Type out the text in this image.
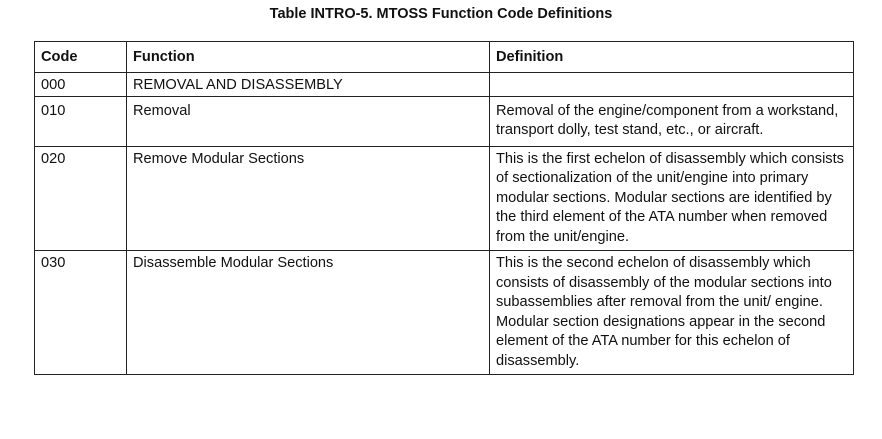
Table INTRO-5. MTOSS Function Code Definitions
Code	Function	Definition
000	REMOVAL AND DISASSEMBLY	
010	Removal	Removal of the engine/component from a workstand, transport dolly, test stand, etc., or aircraft.
020	Remove Modular Sections	This is the first echelon of disassembly which consists of sectionalization of the unit/engine into primary modular sections. Modular sections are identified by the third element of the ATA number when removed from the unit/engine.
030	Disassemble Modular Sections	This is the second echelon of disassembly which consists of disassembly of the modular sections into subassemblies after removal from the unit/ engine. Modular section designations appear in the second element of the ATA number for this echelon of disassembly.
